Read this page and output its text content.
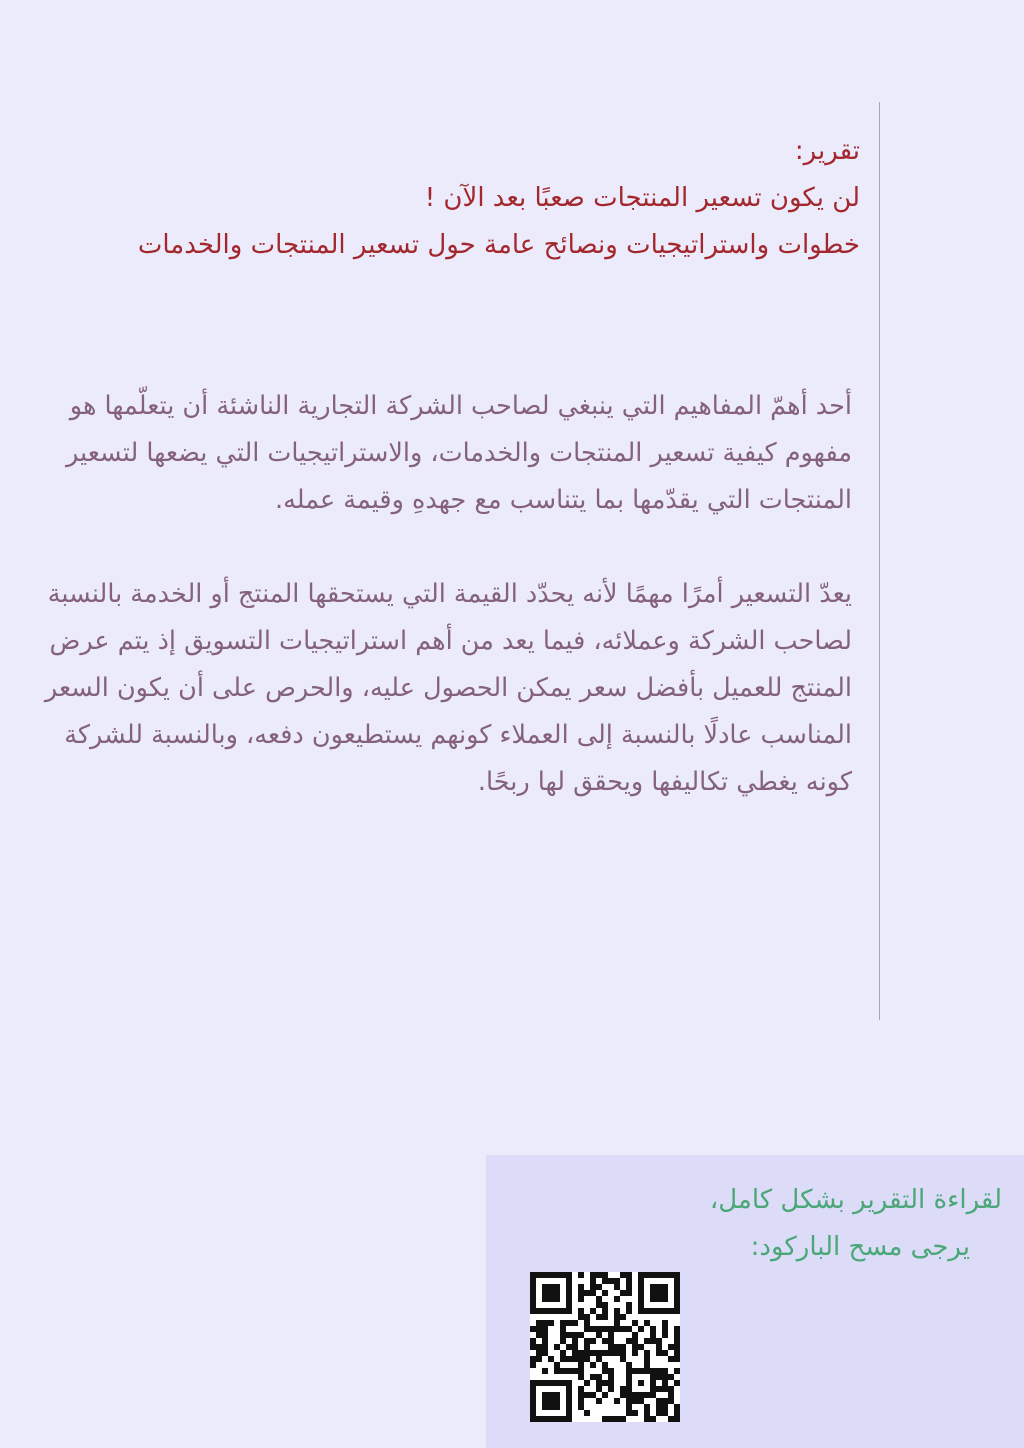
تقرير:
لن يكون تسعير المنتجات صعبًا بعد الآن !
خطوات واستراتيجيات ونصائح عامة حول تسعير المنتجات والخدمات

أحد أهمّ المفاهيم التي ينبغي لصاحب الشركة التجارية الناشئة أن يتعلّمها هو مفهوم كيفية تسعير المنتجات والخدمات، والاستراتيجيات التي يضعها لتسعير المنتجات التي يقدّمها بما يتناسب مع جهدهِ وقيمة عمله.

يعدّ التسعير أمرًا مهمًا لأنه يحدّد القيمة التي يستحقها المنتج أو الخدمة بالنسبة لصاحب الشركة وعملائه، فيما يعد من أهم استراتيجيات التسويق إذ يتم عرض المنتج للعميل بأفضل سعر يمكن الحصول عليه، والحرص على أن يكون السعر المناسب عادلًا بالنسبة إلى العملاء كونهم يستطيعون دفعه، وبالنسبة للشركة كونه يغطي تكاليفها ويحقق لها ربحًا.

لقراءة التقرير بشكل كامل،
يرجى مسح الباركود:
